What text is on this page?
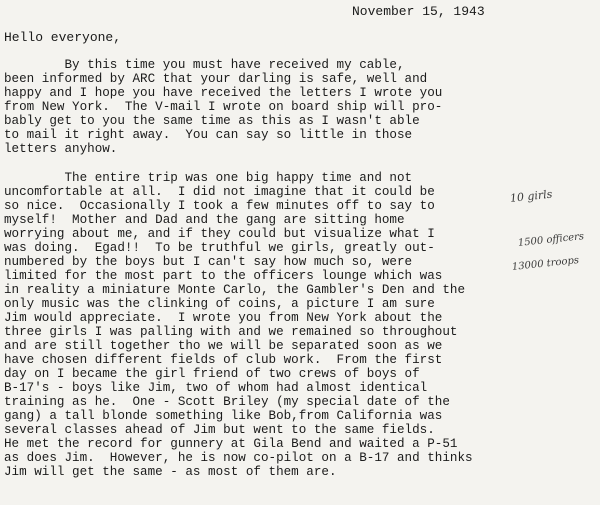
November 15, 1943
Hello everyone,

By this time you must have received my cable,

been informed by ARC that your darling is safe, well and

happy and I hope you have received the letters I wrote you

from New York.  The V-mail I wrote on board ship will pro-

bably get to you the same time as this as I wasn't able

to mail it right away.  You can say so little in those

letters anyhow.

The entire trip was one big happy time and not

uncomfortable at all.  I did not imagine that it could be

so nice.  Occasionally I took a few minutes off to say to

myself!  Mother and Dad and the gang are sitting home

worrying about me, and if they could but visualize what I

was doing.  Egad!!  To be truthful we girls, greatly out-

numbered by the boys but I can't say how much so, were

limited for the most part to the officers lounge which was

in reality a miniature Monte Carlo, the Gambler's Den and the

only music was the clinking of coins, a picture I am sure

Jim would appreciate.  I wrote you from New York about the

three girls I was palling with and we remained so throughout

and are still together tho we will be separated soon as we

have chosen different fields of club work.  From the first

day on I became the girl friend of two crews of boys of

B-17's - boys like Jim, two of whom had almost identical

training as he.  One - Scott Briley (my special date of the

gang) a tall blonde something like Bob,from California was

several classes ahead of Jim but went to the same fields.

He met the record for gunnery at Gila Bend and waited a P-51

as does Jim.  However, he is now co-pilot on a B-17 and thinks

Jim will get the same - as most of them are.

10 girls
1500 officers
13000 troops
